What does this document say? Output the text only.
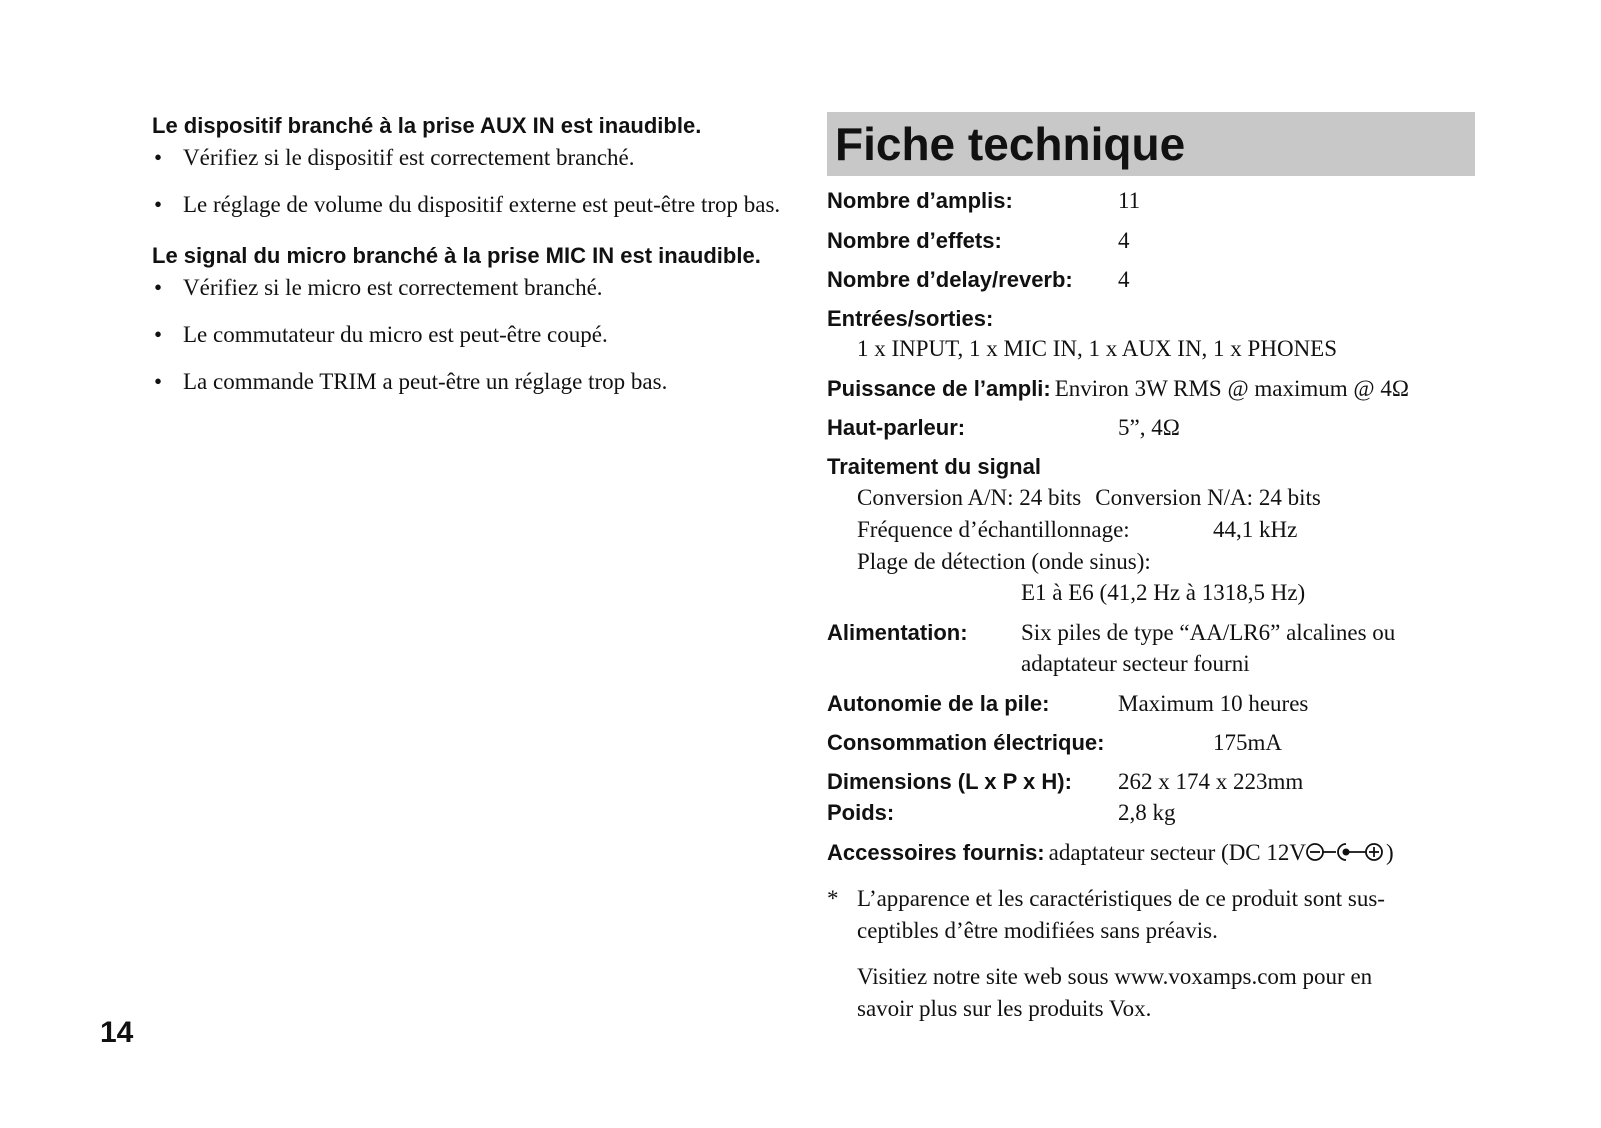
Le dispositif branché à la prise AUX IN est inaudible.

• Vérifiez si le dispositif est correctement branché.
• Le réglage de volume du dispositif externe est peut-être trop bas.

Le signal du micro branché à la prise MIC IN est inaudible.

• Vérifiez si le micro est correctement branché.
• Le commutateur du micro est peut-être coupé.
• La commande TRIM a peut-être un réglage trop bas.
14
Fiche technique
Nombre d’amplis:	11
Nombre d’effets:	4
Nombre d’delay/reverb: 4
Entrées/sorties:
1 x INPUT, 1 x MIC IN, 1 x AUX IN, 1 x PHONES
Puissance de l’ampli: Environ 3W RMS @ maximum @ 4Ω
Haut-parleur:	5”, 4Ω
Traitement du signal
Conversion A/N: 24 bits Conversion N/A: 24 bits
Fréquence d’échantillonnage:	44,1 kHz
Plage de détection (onde sinus):
E1 à E6 (41,2 Hz à 1318,5 Hz)
Alimentation: Six piles de type “AA/LR6” alcalines ou
adaptateur secteur fourni
Autonomie de la pile:	Maximum 10 heures
Consommation électrique:	175mA
Dimensions (L x P x H): 262 x 174 x 223mm
Poids:	2,8 kg
Accessoires fournis: adaptateur secteur (DC 12V	)
* L’apparence et les caractéristiques de ce produit sont sus-
ceptibles d’être modifiées sans préavis.
Visitiez notre site web sous www.voxamps.com pour en
savoir plus sur les produits Vox.
